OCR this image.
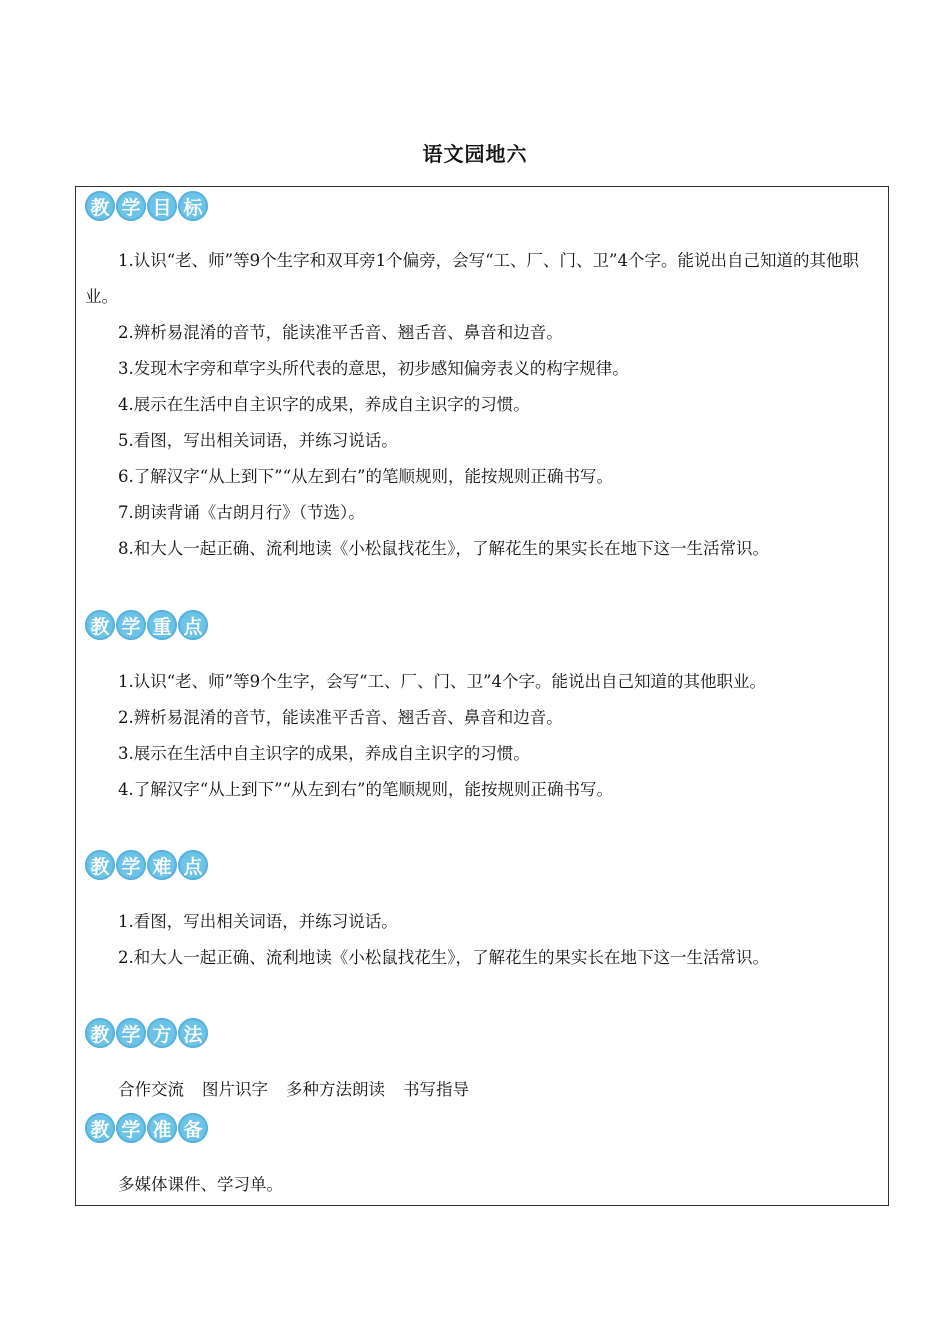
语文园地六
教 学 目 标

1.认识“老、师”等9个生字和双耳旁1个偏旁，会写“工、厂、门、卫”4个字。能说出自己知道的其他职业。

2.辨析易混淆的音节，能读准平舌音、翘舌音、鼻音和边音。

3.发现木字旁和草字头所代表的意思，初步感知偏旁表义的构字规律。

4.展示在生活中自主识字的成果，养成自主识字的习惯。

5.看图，写出相关词语，并练习说话。

6.了解汉字“从上到下”“从左到右”的笔顺规则，能按规则正确书写。

7.朗读背诵《古朗月行》（节选）。

8.和大人一起正确、流利地读《小松鼠找花生》，了解花生的果实长在地下这一生活常识。

教 学 重 点

1.认识“老、师”等9个生字，会写“工、厂、门、卫”4个字。能说出自己知道的其他职业。

2.辨析易混淆的音节，能读准平舌音、翘舌音、鼻音和边音。

3.展示在生活中自主识字的成果，养成自主识字的习惯。

4.了解汉字“从上到下”“从左到右”的笔顺规则，能按规则正确书写。

教 学 难 点

1.看图，写出相关词语，并练习说话。

2.和大人一起正确、流利地读《小松鼠找花生》，了解花生的果实长在地下这一生活常识。

教 学 方 法
合作交流 图片识字 多种方法朗读 书写指导
教 学 准 备

多媒体课件、学习单。
